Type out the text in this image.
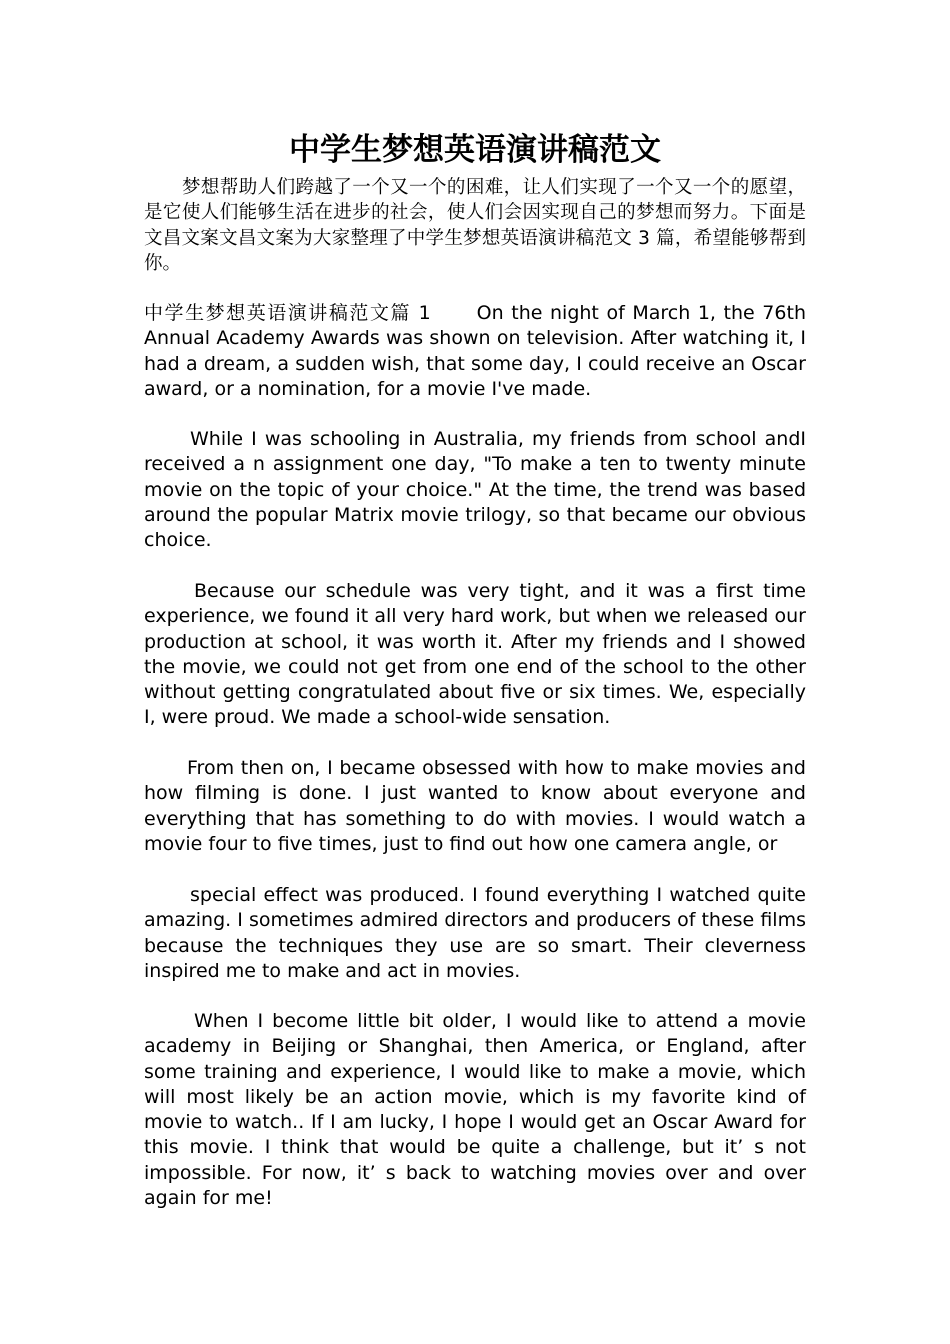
中学生梦想英语演讲稿范文

梦想帮助人们跨越了一个又一个的困难，让人们实现了一个又一个的愿望，是它使人们能够生活在进步的社会，使人们会因实现自己的梦想而努力。下面是文昌文案文昌文案为大家整理了中学生梦想英语演讲稿范文 3 篇，希望能够帮到你。

中学生梦想英语演讲稿范文篇 1 On the night of March 1, the 76th Annual Academy Awards was shown on television. After watching it, I had a dream, a sudden wish, that some day, I could receive an Oscar award, or a nomination, for a movie I've made.

While I was schooling in Australia, my friends from school andI received a n assignment one day, "To make a ten to twenty minute movie on the topic of your choice." At the time, the trend was based around the popular Matrix movie trilogy, so that became our obvious choice.

Because our schedule was very tight, and it was a first time experience, we found it all very hard work, but when we released our production at school, it was worth it. After my friends and I showed the movie, we could not get from one end of the school to the other without getting congratulated about five or six times. We, especially I, were proud. We made a school-wide sensation.

From then on, I became obsessed with how to make movies and how filming is done. I just wanted to know about everyone and everything that has something to do with movies. I would watch a movie four to five times, just to find out how one camera angle, or

special effect was produced. I found everything I watched quite amazing. I sometimes admired directors and producers of these films because the techniques they use are so smart. Their cleverness inspired me to make and act in movies.

When I become little bit older, I would like to attend a movie academy in Beijing or Shanghai, then America, or England, after some training and experience, I would like to make a movie, which will most likely be an action movie, which is my favorite kind of movie to watch.. If I am lucky, I hope I would get an Oscar Award for this movie. I think that would be quite a challenge, but it’ s not impossible. For now, it’ s back to watching movies over and over again for me!
